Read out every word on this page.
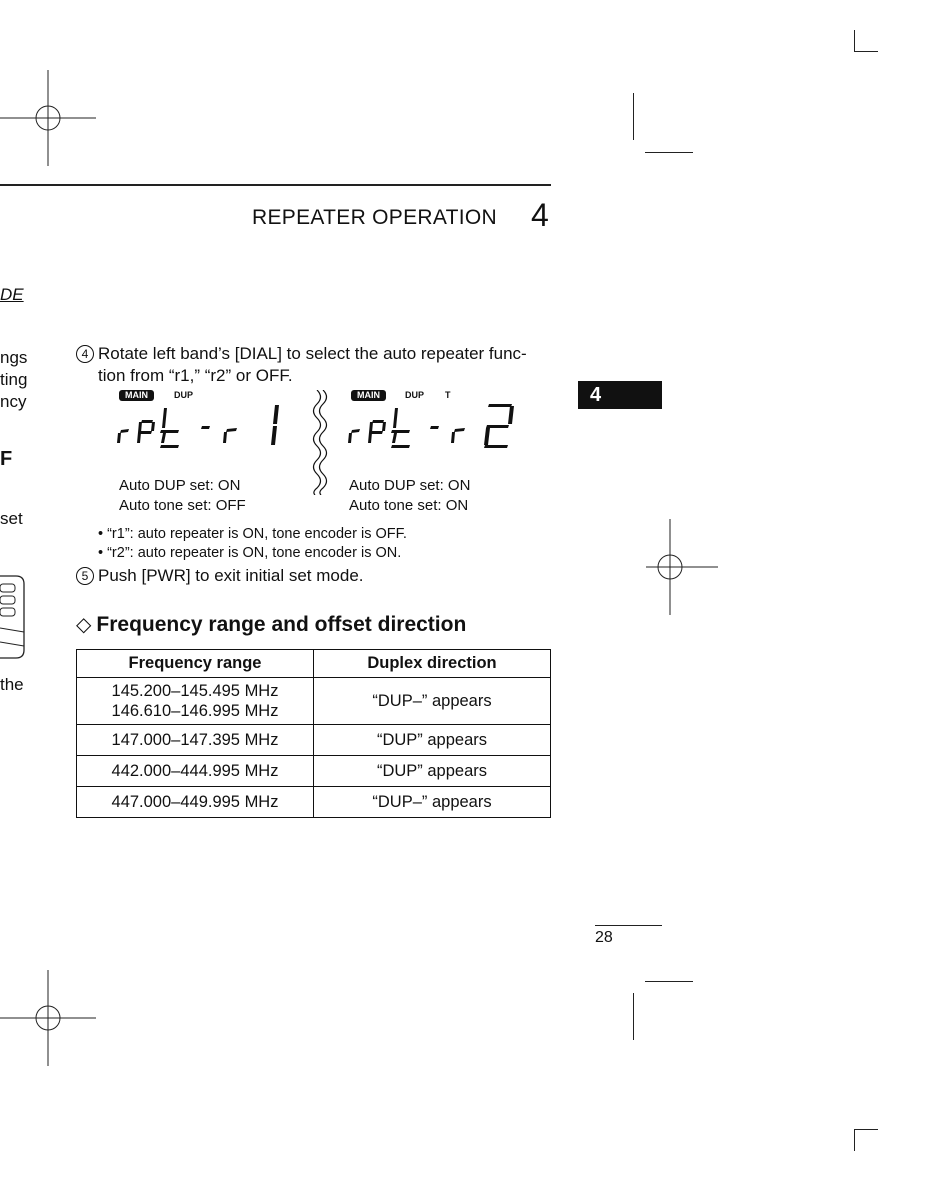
REPEATER OPERATION 4
4
DE
ngs
ting
ncy
F
set
the
4 Rotate left band’s [DIAL] to select the auto repeater func-
tion from “r1,” “r2” or OFF.
MAIN	DUP	MAIN	DUP T
Auto DUP set: ON
Auto tone set: OFF
Auto DUP set: ON
Auto tone set: ON
• “r1”: auto repeater is ON, tone encoder is OFF.
• “r2”: auto repeater is ON, tone encoder is ON.
5 Push [PWR] to exit initial set mode.
◇ Frequency range and offset direction
Frequency range	Duplex direction

145.200–145.495 MHz
146.610–146.995 MHz	“DUP–” appears
147.000–147.395 MHz	“DUP” appears
442.000–444.995 MHz	“DUP” appears
447.000–449.995 MHz	“DUP–” appears
28
